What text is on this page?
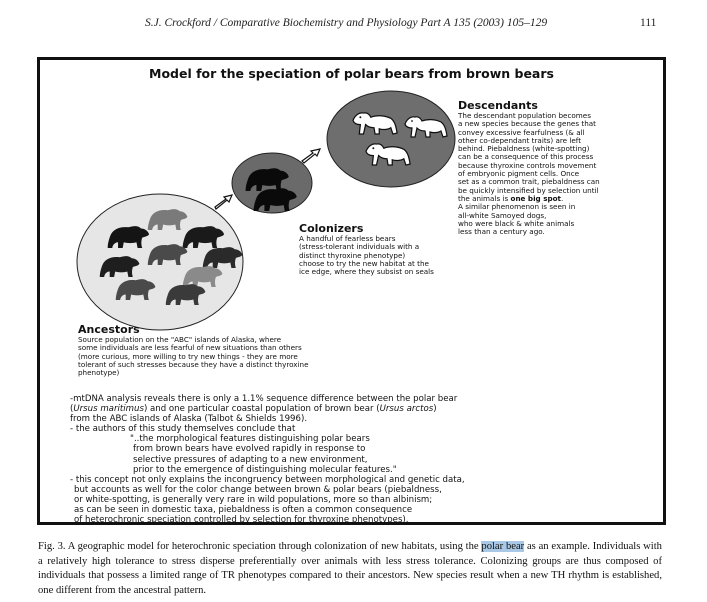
S.J. Crockford / Comparative Biochemistry and Physiology Part A 135 (2003) 105–129	111
Model for the speciation of polar bears from brown bears

Descendants

The descendant population becomes

a new species because the genes that

convey excessive fearfulness (& all

other co-dependant traits) are left

behind. Piebaldness (white-spotting)

can be a consequence of this process

because thyroxine controls movement

of embryonic pigment cells. Once

set as a common trait, piebaldness can

be quickly intensified by selection until

the animals is one big spot.

A similar phenomenon is seen in

all-white Samoyed dogs,

who were black & white animals

less than a century ago.

Colonizers

A handful of fearless bears

(stress-tolerant individuals with a

distinct thyroxine phenotype)

choose to try the new habitat at the

ice edge, where they subsist on seals

Ancestors

Source population on the "ABC" islands of Alaska, where

some individuals are less fearful of new situations than others

(more curious, more willing to try new things - they are more

tolerant of such stresses because they have a distinct thyroxine

phenotype)

-mtDNA analysis reveals there is only a 1.1% sequence difference between the polar bear

(Ursus maritimus) and one particular coastal population of brown bear (Ursus arctos)

from the ABC islands of Alaska (Talbot & Shields 1996).

- the authors of this study themselves conclude that

"..the morphological features distinguishing polar bears

from brown bears have evolved rapidly in response to

selective pressures of adapting to a new environment,

prior to the emergence of distinguishing molecular features."

- this concept not only explains the incongruency between morphological and genetic data,

but accounts as well for the color change between brown & polar bears (piebaldness,

or white-spotting, is generally very rare in wild populations, more so than albinism;

as can be seen in domestic taxa, piebaldness is often a common consequence

of heterochronic speciation controlled by selection for thyroxine phenotypes).

Fig. 3. A geographic model for heterochronic speciation through colonization of new habitats, using the polar bear as an example. Individuals with a relatively high tolerance to stress disperse preferentially over animals with less stress tolerance. Colonizing groups are thus composed of individuals that possess a limited range of TR phenotypes compared to their ancestors. New species result when a new TH rhythm is established, one different from the ancestral pattern.
